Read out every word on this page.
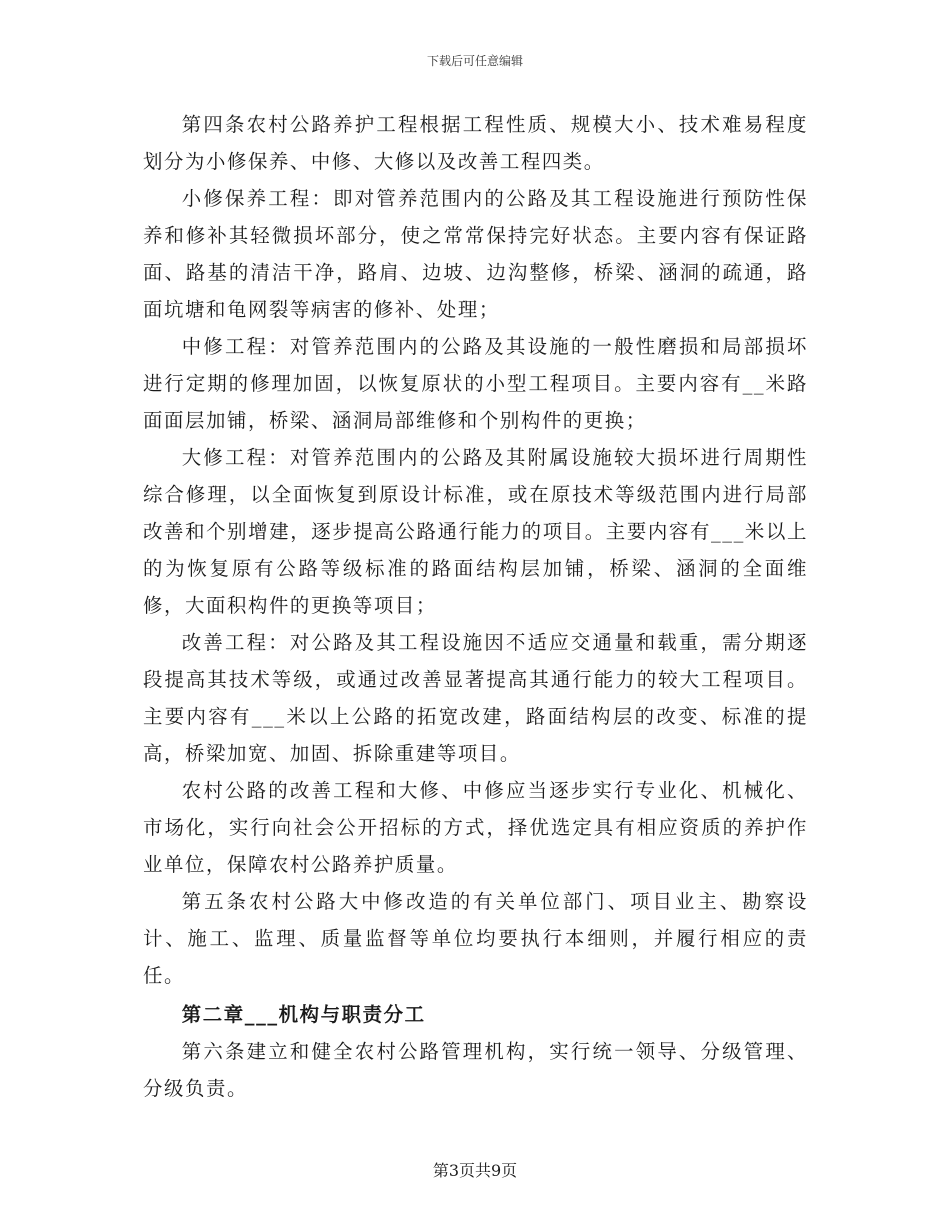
下载后可任意编辑

第四条农村公路养护工程根据工程性质、规模大小、技术难易程度划分为小修保养、中修、大修以及改善工程四类。

小修保养工程：即对管养范围内的公路及其工程设施进行预防性保养和修补其轻微损坏部分，使之常常保持完好状态。主要内容有保证路面、路基的清洁干净，路肩、边坡、边沟整修，桥梁、涵洞的疏通，路面坑塘和龟网裂等病害的修补、处理；

中修工程：对管养范围内的公路及其设施的一般性磨损和局部损坏进行定期的修理加固，以恢复原状的小型工程项目。主要内容有__米路面面层加铺，桥梁、涵洞局部维修和个别构件的更换；

大修工程：对管养范围内的公路及其附属设施较大损坏进行周期性综合修理，以全面恢复到原设计标准，或在原技术等级范围内进行局部改善和个别增建，逐步提高公路通行能力的项目。主要内容有___米以上的为恢复原有公路等级标准的路面结构层加铺，桥梁、涵洞的全面维修，大面积构件的更换等项目；

改善工程：对公路及其工程设施因不适应交通量和载重，需分期逐段提高其技术等级，或通过改善显著提高其通行能力的较大工程项目。主要内容有___米以上公路的拓宽改建，路面结构层的改变、标准的提高，桥梁加宽、加固、拆除重建等项目。

农村公路的改善工程和大修、中修应当逐步实行专业化、机械化、市场化，实行向社会公开招标的方式，择优选定具有相应资质的养护作业单位，保障农村公路养护质量。

第五条农村公路大中修改造的有关单位部门、项目业主、勘察设计、施工、监理、质量监督等单位均要执行本细则，并履行相应的责任。

第二章___机构与职责分工

第六条建立和健全农村公路管理机构，实行统一领导、分级管理、分级负责。

第3页共9页
